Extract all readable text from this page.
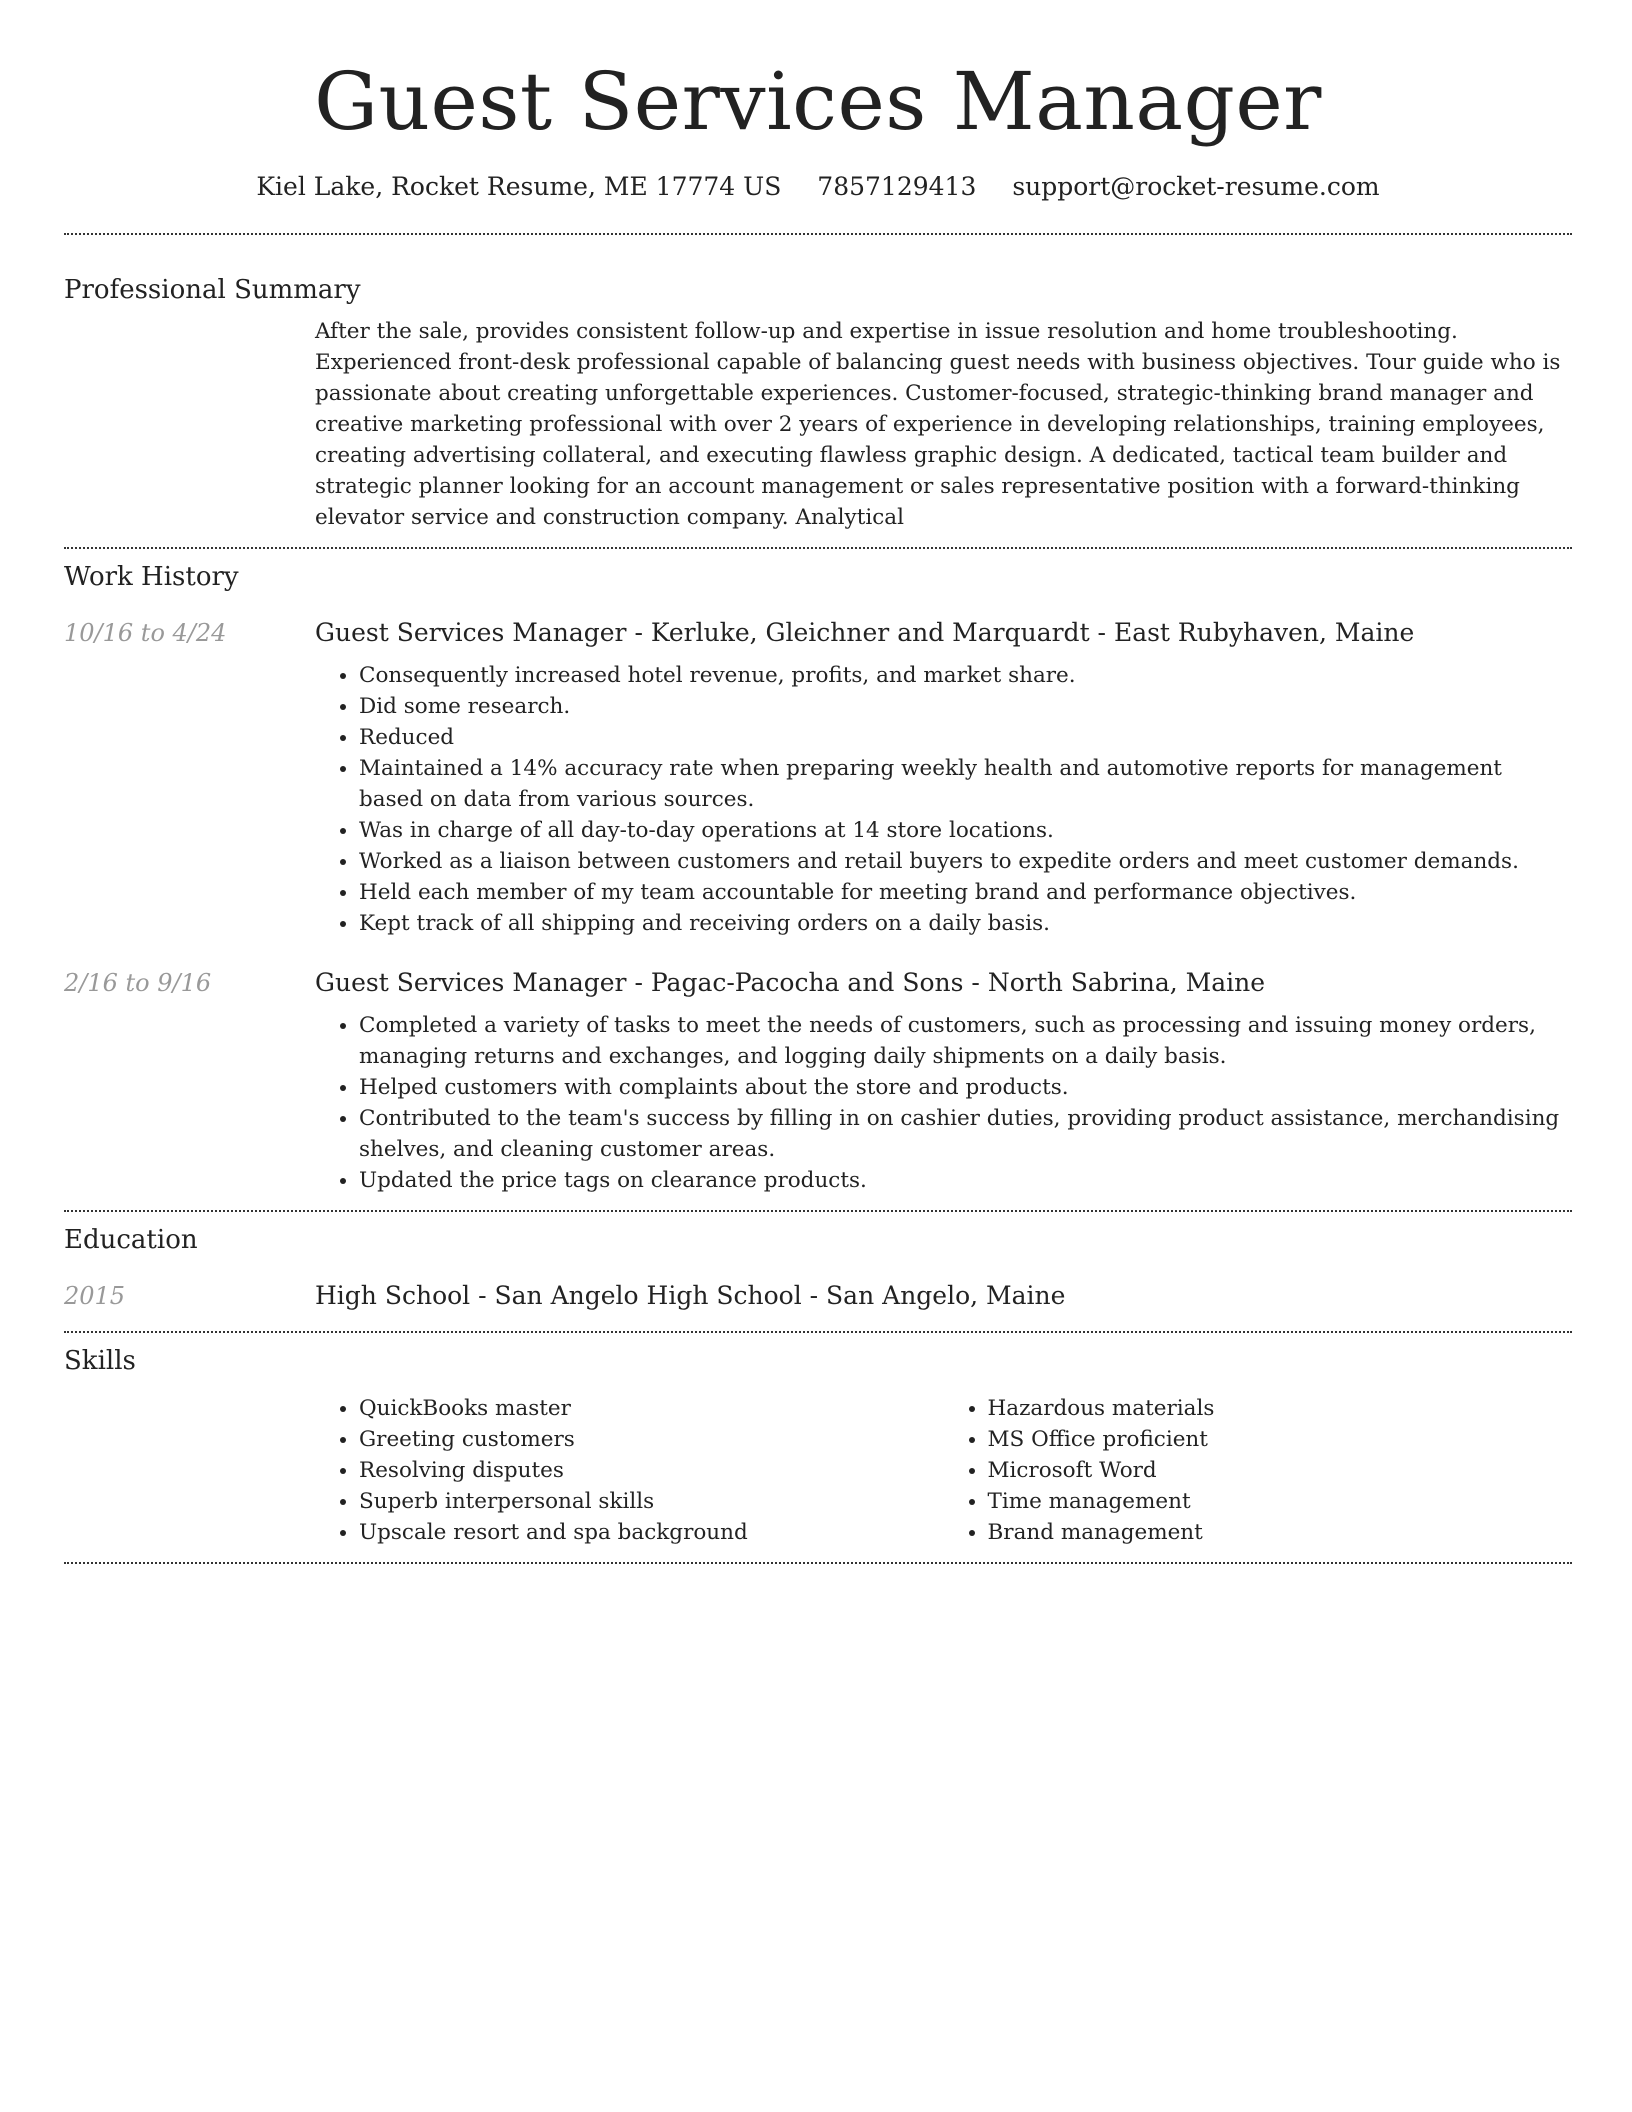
Guest Services Manager
Kiel Lake, Rocket Resume, ME 17774 US 7857129413 support@rocket-resume.com
Professional Summary
After the sale, provides consistent follow-up and expertise in issue resolution and home troubleshooting. Experienced front-desk professional capable of balancing guest needs with business objectives. Tour guide who is passionate about creating unforgettable experiences. Customer-focused, strategic-thinking brand manager and creative marketing professional with over 2 years of experience in developing relationships, training employees, creating advertising collateral, and executing flawless graphic design. A dedicated, tactical team builder and strategic planner looking for an account management or sales representative position with a forward-thinking elevator service and construction company. Analytical
Work History
10/16 to 4/24	Guest Services Manager - Kerluke, Gleichner and Marquardt - East Rubyhaven, Maine
• Consequently increased hotel revenue, profits, and market share.
• Did some research.
• Reduced
• Maintained a 14% accuracy rate when preparing weekly health and automotive reports for management based on data from various sources.
• Was in charge of all day-to-day operations at 14 store locations.
• Worked as a liaison between customers and retail buyers to expedite orders and meet customer demands.
• Held each member of my team accountable for meeting brand and performance objectives.
• Kept track of all shipping and receiving orders on a daily basis.
2/16 to 9/16	Guest Services Manager - Pagac-Pacocha and Sons - North Sabrina, Maine
• Completed a variety of tasks to meet the needs of customers, such as processing and issuing money orders, managing returns and exchanges, and logging daily shipments on a daily basis.
• Helped customers with complaints about the store and products.
• Contributed to the team's success by filling in on cashier duties, providing product assistance, merchandising shelves, and cleaning customer areas.
• Updated the price tags on clearance products.
Education
2015	High School - San Angelo High School - San Angelo, Maine
Skills
• QuickBooks master
• Greeting customers
• Resolving disputes
• Superb interpersonal skills
• Upscale resort and spa background
• Hazardous materials
• MS Office proficient
• Microsoft Word
• Time management
• Brand management
